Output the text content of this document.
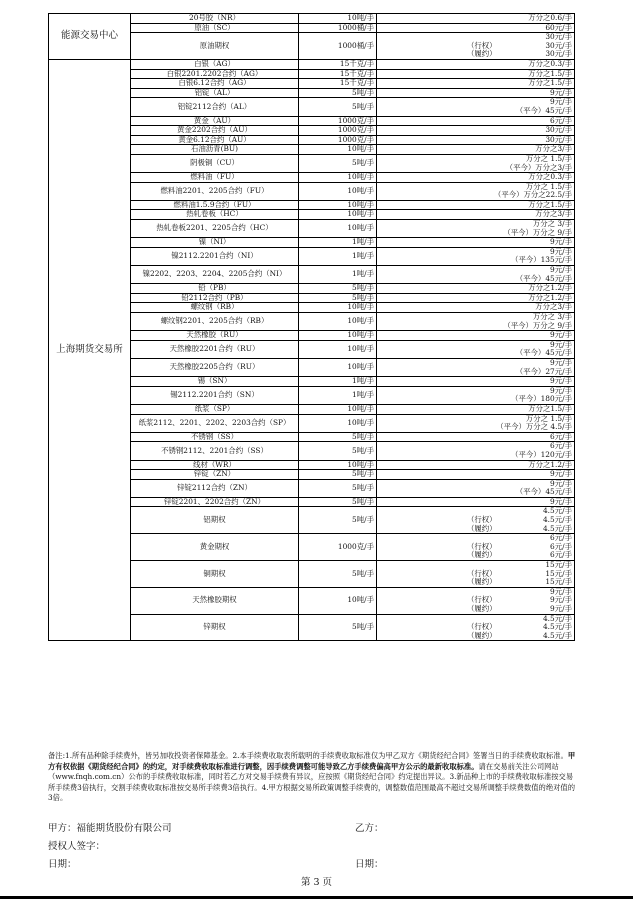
能源交易中心	20号胶（NR）	10吨/手	万分之0.6/手

	原油（SC）	1000桶/手	60元/手

	原油期权	1000桶/手	30元/手
（行权） 30元/手
（履约） 30元/手

上海期货交易所	白银（AG）	15千克/手	万分之0.3/手

	白银2201.2202合约（AG）	15千克/手	万分之1.5/手

	白银6.12合约（AG）	15千克/手	万分之1.5/手

	铝锭（AL）	5吨/手	9元/手

	铝锭2112合约（AL）	5吨/手	9元/手
（平今）45元/手

	黄金（AU）	1000克/手	6元/手

	黄金2202合约（AU）	1000克/手	30元/手

	黄金6.12合约（AU）	1000克/手	30元/手

	石油沥青(BU)	10吨/手	万分之3/手

	阴极铜（CU）	5吨/手	万分之 1.5/手
（平今）万分之3/手

	燃料油（FU）	10吨/手	万分之0.3/手

	燃料油2201、2205合约（FU）	10吨/手	万分之 1.5/手
（平今）万分之22.5/手

	燃料油1.5.9合约（FU）	10吨/手	万分之1.5/手

	热轧卷板（HC）	10吨/手	万分之3/手

	热轧卷板2201、2205合约（HC）	10吨/手	万分之 3/手
（平今）万分之 9/手

	镍（NI）	1吨/手	9元/手

	镍2112.2201合约（NI）	1吨/手	9元/手
（平今）135元/手

	镍2202、2203、2204、2205合约（NI）	1吨/手	9元/手
（平今）45元/手

	铅（PB）	5吨/手	万分之1.2/手

	铅2112合约（PB）	5吨/手	万分之1.2/手

	螺纹钢（RB）	10吨/手	万分之3/手

	螺纹钢2201、2205合约（RB）	10吨/手	万分之 3/手
（平今）万分之 9/手

	天然橡胶（RU）	10吨/手	9元/手

	天然橡胶2201合约（RU）	10吨/手	9元/手
（平今）45元/手

	天然橡胶2205合约（RU）	10吨/手	9元/手
（平今）27元/手

	锡（SN）	1吨/手	9元/手

	锡2112.2201合约（SN）	1吨/手	9元/手
（平今）180元/手

	纸浆（SP）	10吨/手	万分之1.5/手

	纸浆2112、2201、2202、2203合约（SP）	10吨/手	万分之 1.5/手
（平今）万分之 4.5/手

	不锈钢（SS）	5吨/手	6元/手

	不锈钢2112、2201合约（SS）	5吨/手	6元/手
（平今）120元/手

	线材（WR）	10吨/手	万分之1.2/手

	锌锭（ZN）	5吨/手	9元/手

	锌锭2112合约（ZN）	5吨/手	9元/手
（平今）45元/手

	锌锭2201、2202合约（ZN）	5吨/手	9元/手

	铝期权	5吨/手	4.5元/手
（行权） 4.5元/手
（履约） 4.5元/手

	黄金期权	1000克/手	6元/手
（行权） 6元/手
（履约） 6元/手

	铜期权	5吨/手	15元/手
（行权） 15元/手
（履约） 15元/手

	天然橡胶期权	10吨/手	9元/手
（行权） 9元/手
（履约） 9元/手

	锌期权	5吨/手	4.5元/手
（行权） 4.5元/手
（履约） 4.5元/手
备注:1.所有品种除手续费外，皆另加收投资者保障基金。2.本手续费收取表所载明的手续费收取标准仅为甲乙双方《期货经纪合同》签署当日的手续费收取标准。甲方有权依据《期货经纪合同》的约定，对手续费收取标准进行调整，因手续费调整可能导致乙方手续费偏高甲方公示的最新收取标准。请在交易前关注公司网站（www.fnqh.com.cn）公布的手续费收取标准，同时若乙方对交易手续费有异议，应按照《期货经纪合同》约定提出异议。3.新品种上市的手续费收取标准按交易所手续费3倍执行，交割手续费收取标准按交易所手续费3倍执行。4.甲方根据交易所政策调整手续费的，调整数值范围最高不超过交易所调整手续费数值的绝对值的3倍。
甲方：福能期货股份有限公司	乙方：
授权人签字：
日期：	日期：
第 3 页
